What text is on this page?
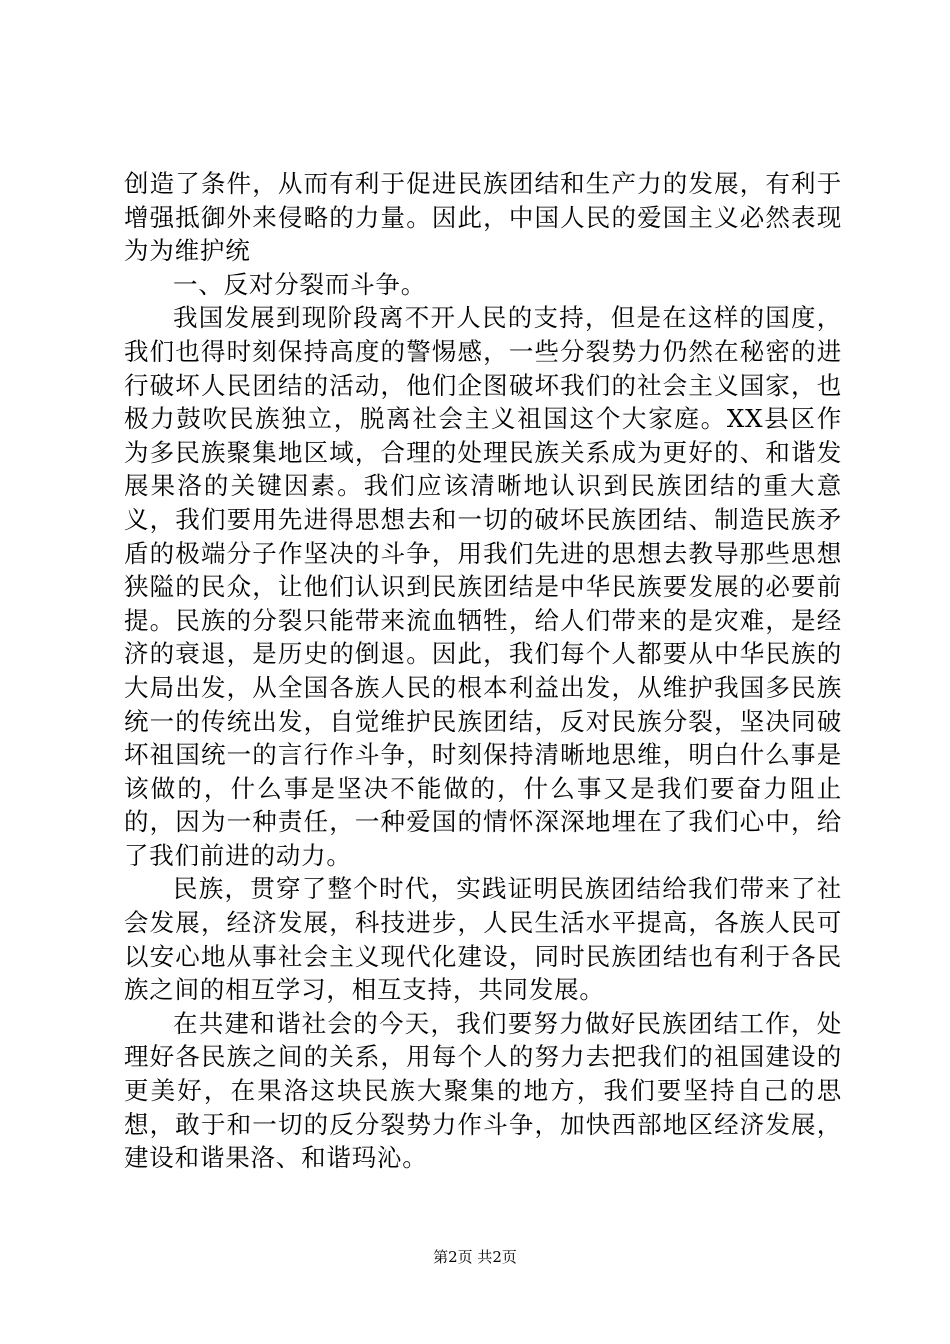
创造了条件，从而有利于促进民族团结和生产力的发展，有利于增强抵御外来侵略的力量。因此，中国人民的爱国主义必然表现为为维护统

一、反对分裂而斗争。

我国发展到现阶段离不开人民的支持，但是在这样的国度，我们也得时刻保持高度的警惕感，一些分裂势力仍然在秘密的进行破坏人民团结的活动，他们企图破坏我们的社会主义国家，也极力鼓吹民族独立，脱离社会主义祖国这个大家庭。XX县区作为多民族聚集地区域，合理的处理民族关系成为更好的、和谐发展果洛的关键因素。我们应该清晰地认识到民族团结的重大意义，我们要用先进得思想去和一切的破坏民族团结、制造民族矛盾的极端分子作坚决的斗争，用我们先进的思想去教导那些思想狭隘的民众，让他们认识到民族团结是中华民族要发展的必要前提。民族的分裂只能带来流血牺牲，给人们带来的是灾难，是经济的衰退，是历史的倒退。因此，我们每个人都要从中华民族的大局出发，从全国各族人民的根本利益出发，从维护我国多民族统一的传统出发，自觉维护民族团结，反对民族分裂，坚决同破坏祖国统一的言行作斗争，时刻保持清晰地思维，明白什么事是该做的，什么事是坚决不能做的，什么事又是我们要奋力阻止的，因为一种责任，一种爱国的情怀深深地埋在了我们心中，给了我们前进的动力。

民族，贯穿了整个时代，实践证明民族团结给我们带来了社会发展，经济发展，科技进步，人民生活水平提高，各族人民可以安心地从事社会主义现代化建设，同时民族团结也有利于各民族之间的相互学习，相互支持，共同发展。

在共建和谐社会的今天，我们要努力做好民族团结工作，处理好各民族之间的关系，用每个人的努力去把我们的祖国建设的更美好，在果洛这块民族大聚集的地方，我们要坚持自己的思想，敢于和一切的反分裂势力作斗争，加快西部地区经济发展，建设和谐果洛、和谐玛沁。

第2页 共2页
